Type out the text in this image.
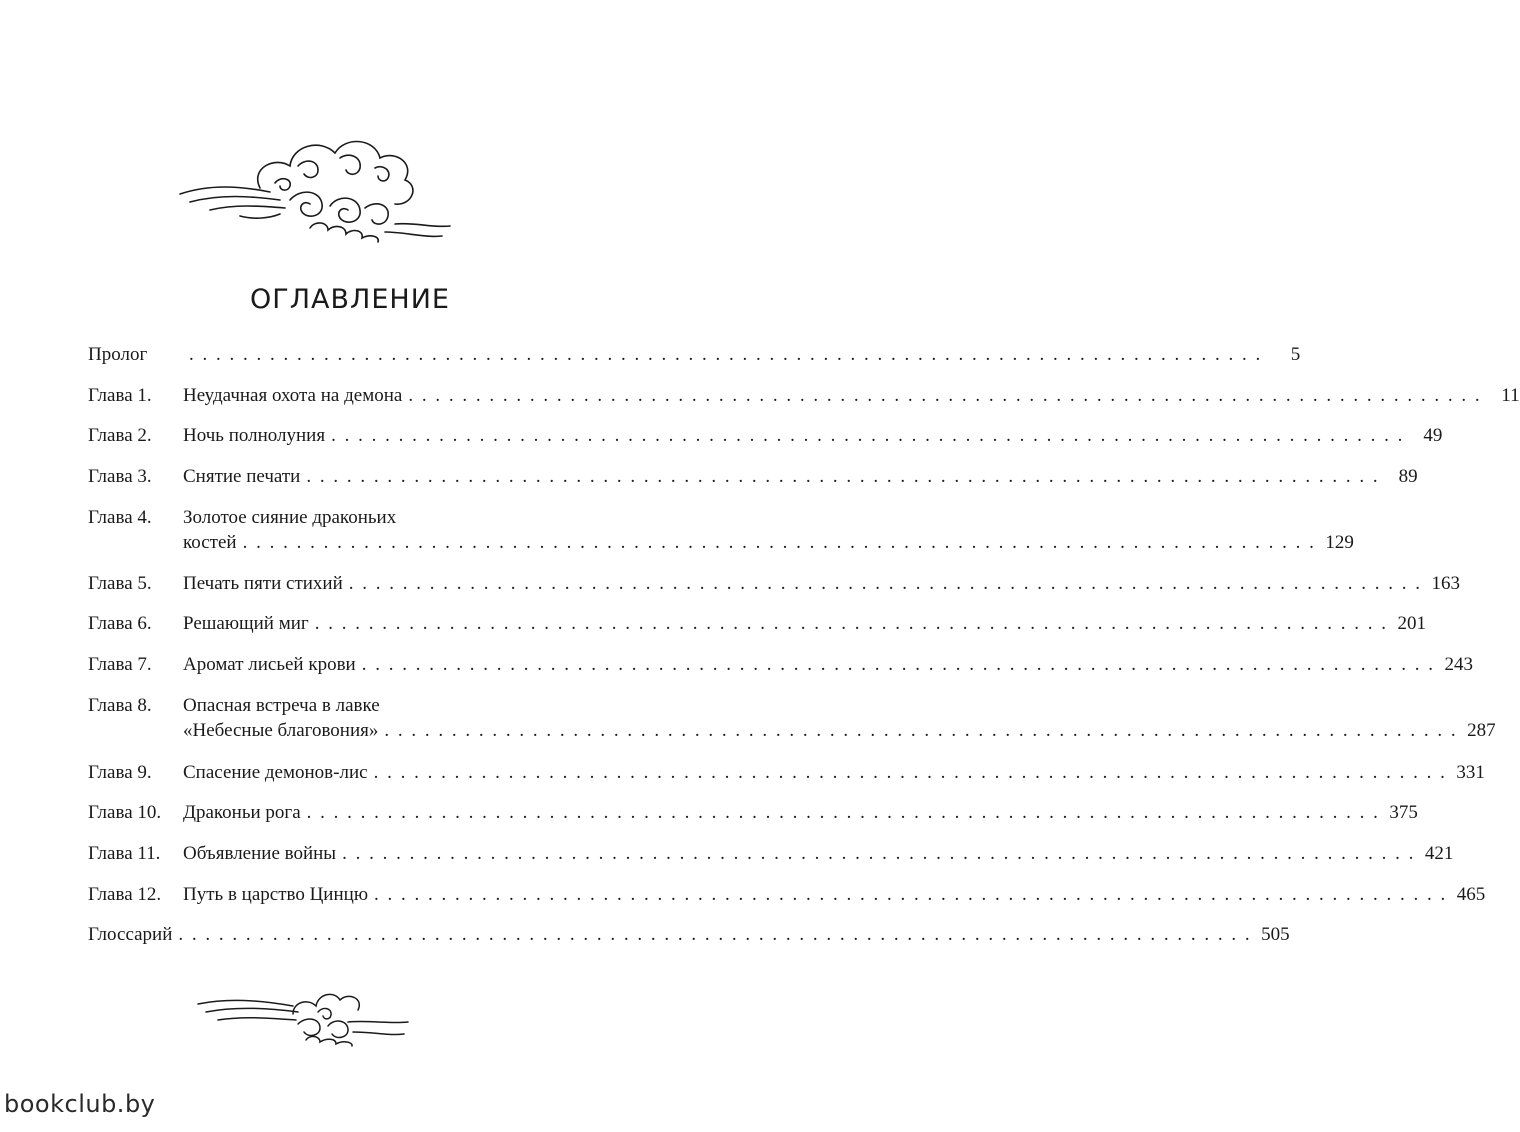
ОГЛАВЛЕНИЕ
Пролог . . . . . . . . . . . . . . . . . . . . . . . . . . . . . . . . . . . . . . . . . . . . . . . . . . . . . . . . . . . . . . . . . . . . . . . . . . . . . . . .	5
Глава 1. Неудачная охота на демона . . . . . . . . . . . . . . . . . . . . . . . . . . . . . . . . . . . . . . . . . . . . . . . . . . . . . . . . . . . . . . . . . . . . . . . . . . . . . . . .	11
Глава 2. Ночь полнолуния . . . . . . . . . . . . . . . . . . . . . . . . . . . . . . . . . . . . . . . . . . . . . . . . . . . . . . . . . . . . . . . . . . . . . . . . . . . . . . . .	49
Глава 3. Снятие печати . . . . . . . . . . . . . . . . . . . . . . . . . . . . . . . . . . . . . . . . . . . . . . . . . . . . . . . . . . . . . . . . . . . . . . . . . . . . . . . .	89
Глава 4. Золотое сияние драконьих
костей . . . . . . . . . . . . . . . . . . . . . . . . . . . . . . . . . . . . . . . . . . . . . . . . . . . . . . . . . . . . . . . . . . . . . . . . . . . . . . . . 129
Глава 5. Печать пяти стихий . . . . . . . . . . . . . . . . . . . . . . . . . . . . . . . . . . . . . . . . . . . . . . . . . . . . . . . . . . . . . . . . . . . . . . . . . . . . . . . . 163
Глава 6. Решающий миг . . . . . . . . . . . . . . . . . . . . . . . . . . . . . . . . . . . . . . . . . . . . . . . . . . . . . . . . . . . . . . . . . . . . . . . . . . . . . . . . 201
Глава 7. Аромат лисьей крови . . . . . . . . . . . . . . . . . . . . . . . . . . . . . . . . . . . . . . . . . . . . . . . . . . . . . . . . . . . . . . . . . . . . . . . . . . . . . . . . 243
Глава 8. Опасная встреча в лавке
«Небесные благовония» . . . . . . . . . . . . . . . . . . . . . . . . . . . . . . . . . . . . . . . . . . . . . . . . . . . . . . . . . . . . . . . . . . . . . . . . . . . . . . . . 287
Глава 9. Спасение демонов-лис . . . . . . . . . . . . . . . . . . . . . . . . . . . . . . . . . . . . . . . . . . . . . . . . . . . . . . . . . . . . . . . . . . . . . . . . . . . . . . . . 331
Глава 10. Драконьи рога . . . . . . . . . . . . . . . . . . . . . . . . . . . . . . . . . . . . . . . . . . . . . . . . . . . . . . . . . . . . . . . . . . . . . . . . . . . . . . . . 375
Глава 11. Объявление войны . . . . . . . . . . . . . . . . . . . . . . . . . . . . . . . . . . . . . . . . . . . . . . . . . . . . . . . . . . . . . . . . . . . . . . . . . . . . . . . . 421
Глава 12. Путь в царство Цинцю . . . . . . . . . . . . . . . . . . . . . . . . . . . . . . . . . . . . . . . . . . . . . . . . . . . . . . . . . . . . . . . . . . . . . . . . . . . . . . . . 465
Глоссарий . . . . . . . . . . . . . . . . . . . . . . . . . . . . . . . . . . . . . . . . . . . . . . . . . . . . . . . . . . . . . . . . . . . . . . . . . . . . . . . . 505
bookclub.by
